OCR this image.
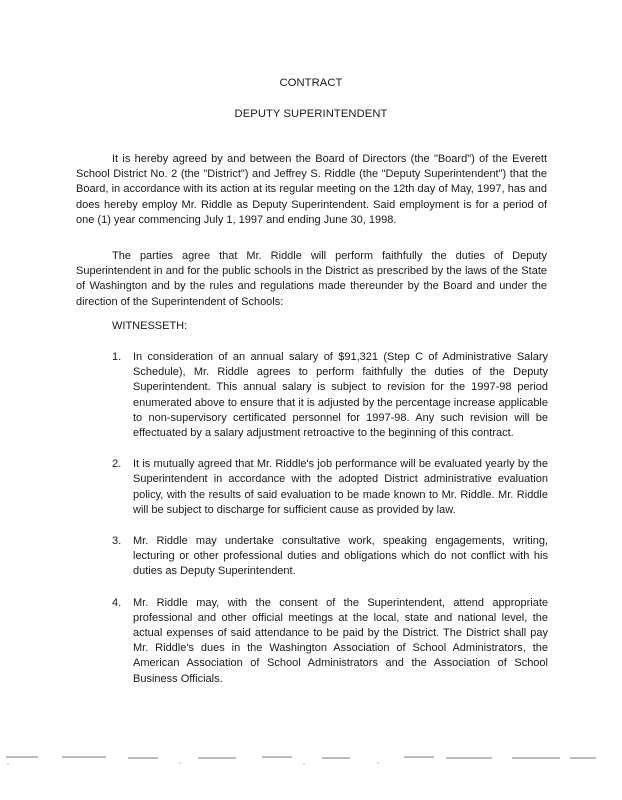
CONTRACT
DEPUTY SUPERINTENDENT

It is hereby agreed by and between the Board of Directors (the "Board") of the Everett School District No. 2 (the "District") and Jeffrey S. Riddle (the "Deputy Superintendent") that the Board, in accordance with its action at its regular meeting on the 12th day of May, 1997, has and does hereby employ Mr. Riddle as Deputy Superintendent. Said employment is for a period of one (1) year commencing July 1, 1997 and ending June 30, 1998.

The parties agree that Mr. Riddle will perform faithfully the duties of Deputy Superintendent in and for the public schools in the District as prescribed by the laws of the State of Washington and by the rules and regulations made thereunder by the Board and under the direction of the Superintendent of Schools:

WITNESSETH:

1. In consideration of an annual salary of $91,321 (Step C of Administrative Salary Schedule), Mr. Riddle agrees to perform faithfully the duties of the Deputy Superintendent. This annual salary is subject to revision for the 1997-98 period enumerated above to ensure that it is adjusted by the percentage increase applicable to non-supervisory certificated personnel for 1997-98. Any such revision will be effectuated by a salary adjustment retroactive to the beginning of this contract.
2. It is mutually agreed that Mr. Riddle's job performance will be evaluated yearly by the Superintendent in accordance with the adopted District administrative evaluation policy, with the results of said evaluation to be made known to Mr. Riddle. Mr. Riddle will be subject to discharge for sufficient cause as provided by law.
3. Mr. Riddle may undertake consultative work, speaking engagements, writing, lecturing or other professional duties and obligations which do not conflict with his duties as Deputy Superintendent.
4. Mr. Riddle may, with the consent of the Superintendent, attend appropriate professional and other official meetings at the local, state and national level, the actual expenses of said attendance to be paid by the District. The District shall pay Mr. Riddle's dues in the Washington Association of School Administrators, the American Association of School Administrators and the Association of School Business Officials.
